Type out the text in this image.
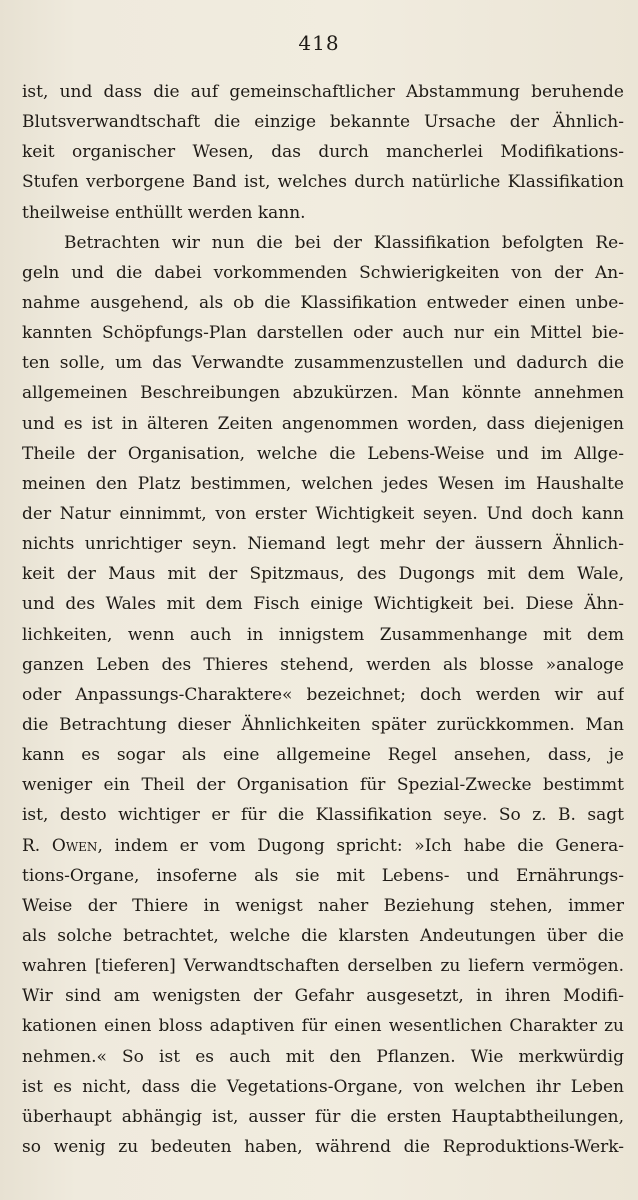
418
ist, und dass die auf gemeinschaftlicher Abstammung beruhende
Blutsverwandtschaft die einzige bekannte Ursache der Ähnlich-
keit organischer Wesen, das durch mancherlei Modifikations-
Stufen verborgene Band ist, welches durch natürliche Klassifikation
theilweise enthüllt werden kann.
Betrachten wir nun die bei der Klassifikation befolgten Re-
geln und die dabei vorkommenden Schwierigkeiten von der An-
nahme ausgehend, als ob die Klassifikation entweder einen unbe-
kannten Schöpfungs-Plan darstellen oder auch nur ein Mittel bie-
ten solle, um das Verwandte zusammenzustellen und dadurch die
allgemeinen Beschreibungen abzukürzen. Man könnte annehmen
und es ist in älteren Zeiten angenommen worden, dass diejenigen
Theile der Organisation, welche die Lebens-Weise und im Allge-
meinen den Platz bestimmen, welchen jedes Wesen im Haushalte
der Natur einnimmt, von erster Wichtigkeit seyen. Und doch kann
nichts unrichtiger seyn. Niemand legt mehr der äussern Ähnlich-
keit der Maus mit der Spitzmaus, des Dugongs mit dem Wale,
und des Wales mit dem Fisch einige Wichtigkeit bei. Diese Ähn-
lichkeiten, wenn auch in innigstem Zusammenhange mit dem
ganzen Leben des Thieres stehend, werden als blosse »analoge
oder Anpassungs-Charaktere« bezeichnet; doch werden wir auf
die Betrachtung dieser Ähnlichkeiten später zurückkommen. Man
kann es sogar als eine allgemeine Regel ansehen, dass, je
weniger ein Theil der Organisation für Spezial-Zwecke bestimmt
ist, desto wichtiger er für die Klassifikation seye. So z. B. sagt
R. Owen, indem er vom Dugong spricht: »Ich habe die Genera-
tions-Organe, insoferne als sie mit Lebens- und Ernährungs-
Weise der Thiere in wenigst naher Beziehung stehen, immer
als solche betrachtet, welche die klarsten Andeutungen über die
wahren [tieferen] Verwandtschaften derselben zu liefern vermögen.
Wir sind am wenigsten der Gefahr ausgesetzt, in ihren Modifi-
kationen einen bloss adaptiven für einen wesentlichen Charakter zu
nehmen.« So ist es auch mit den Pflanzen. Wie merkwürdig
ist es nicht, dass die Vegetations-Organe, von welchen ihr Leben
überhaupt abhängig ist, ausser für die ersten Hauptabtheilungen,
so wenig zu bedeuten haben, während die Reproduktions-Werk-
